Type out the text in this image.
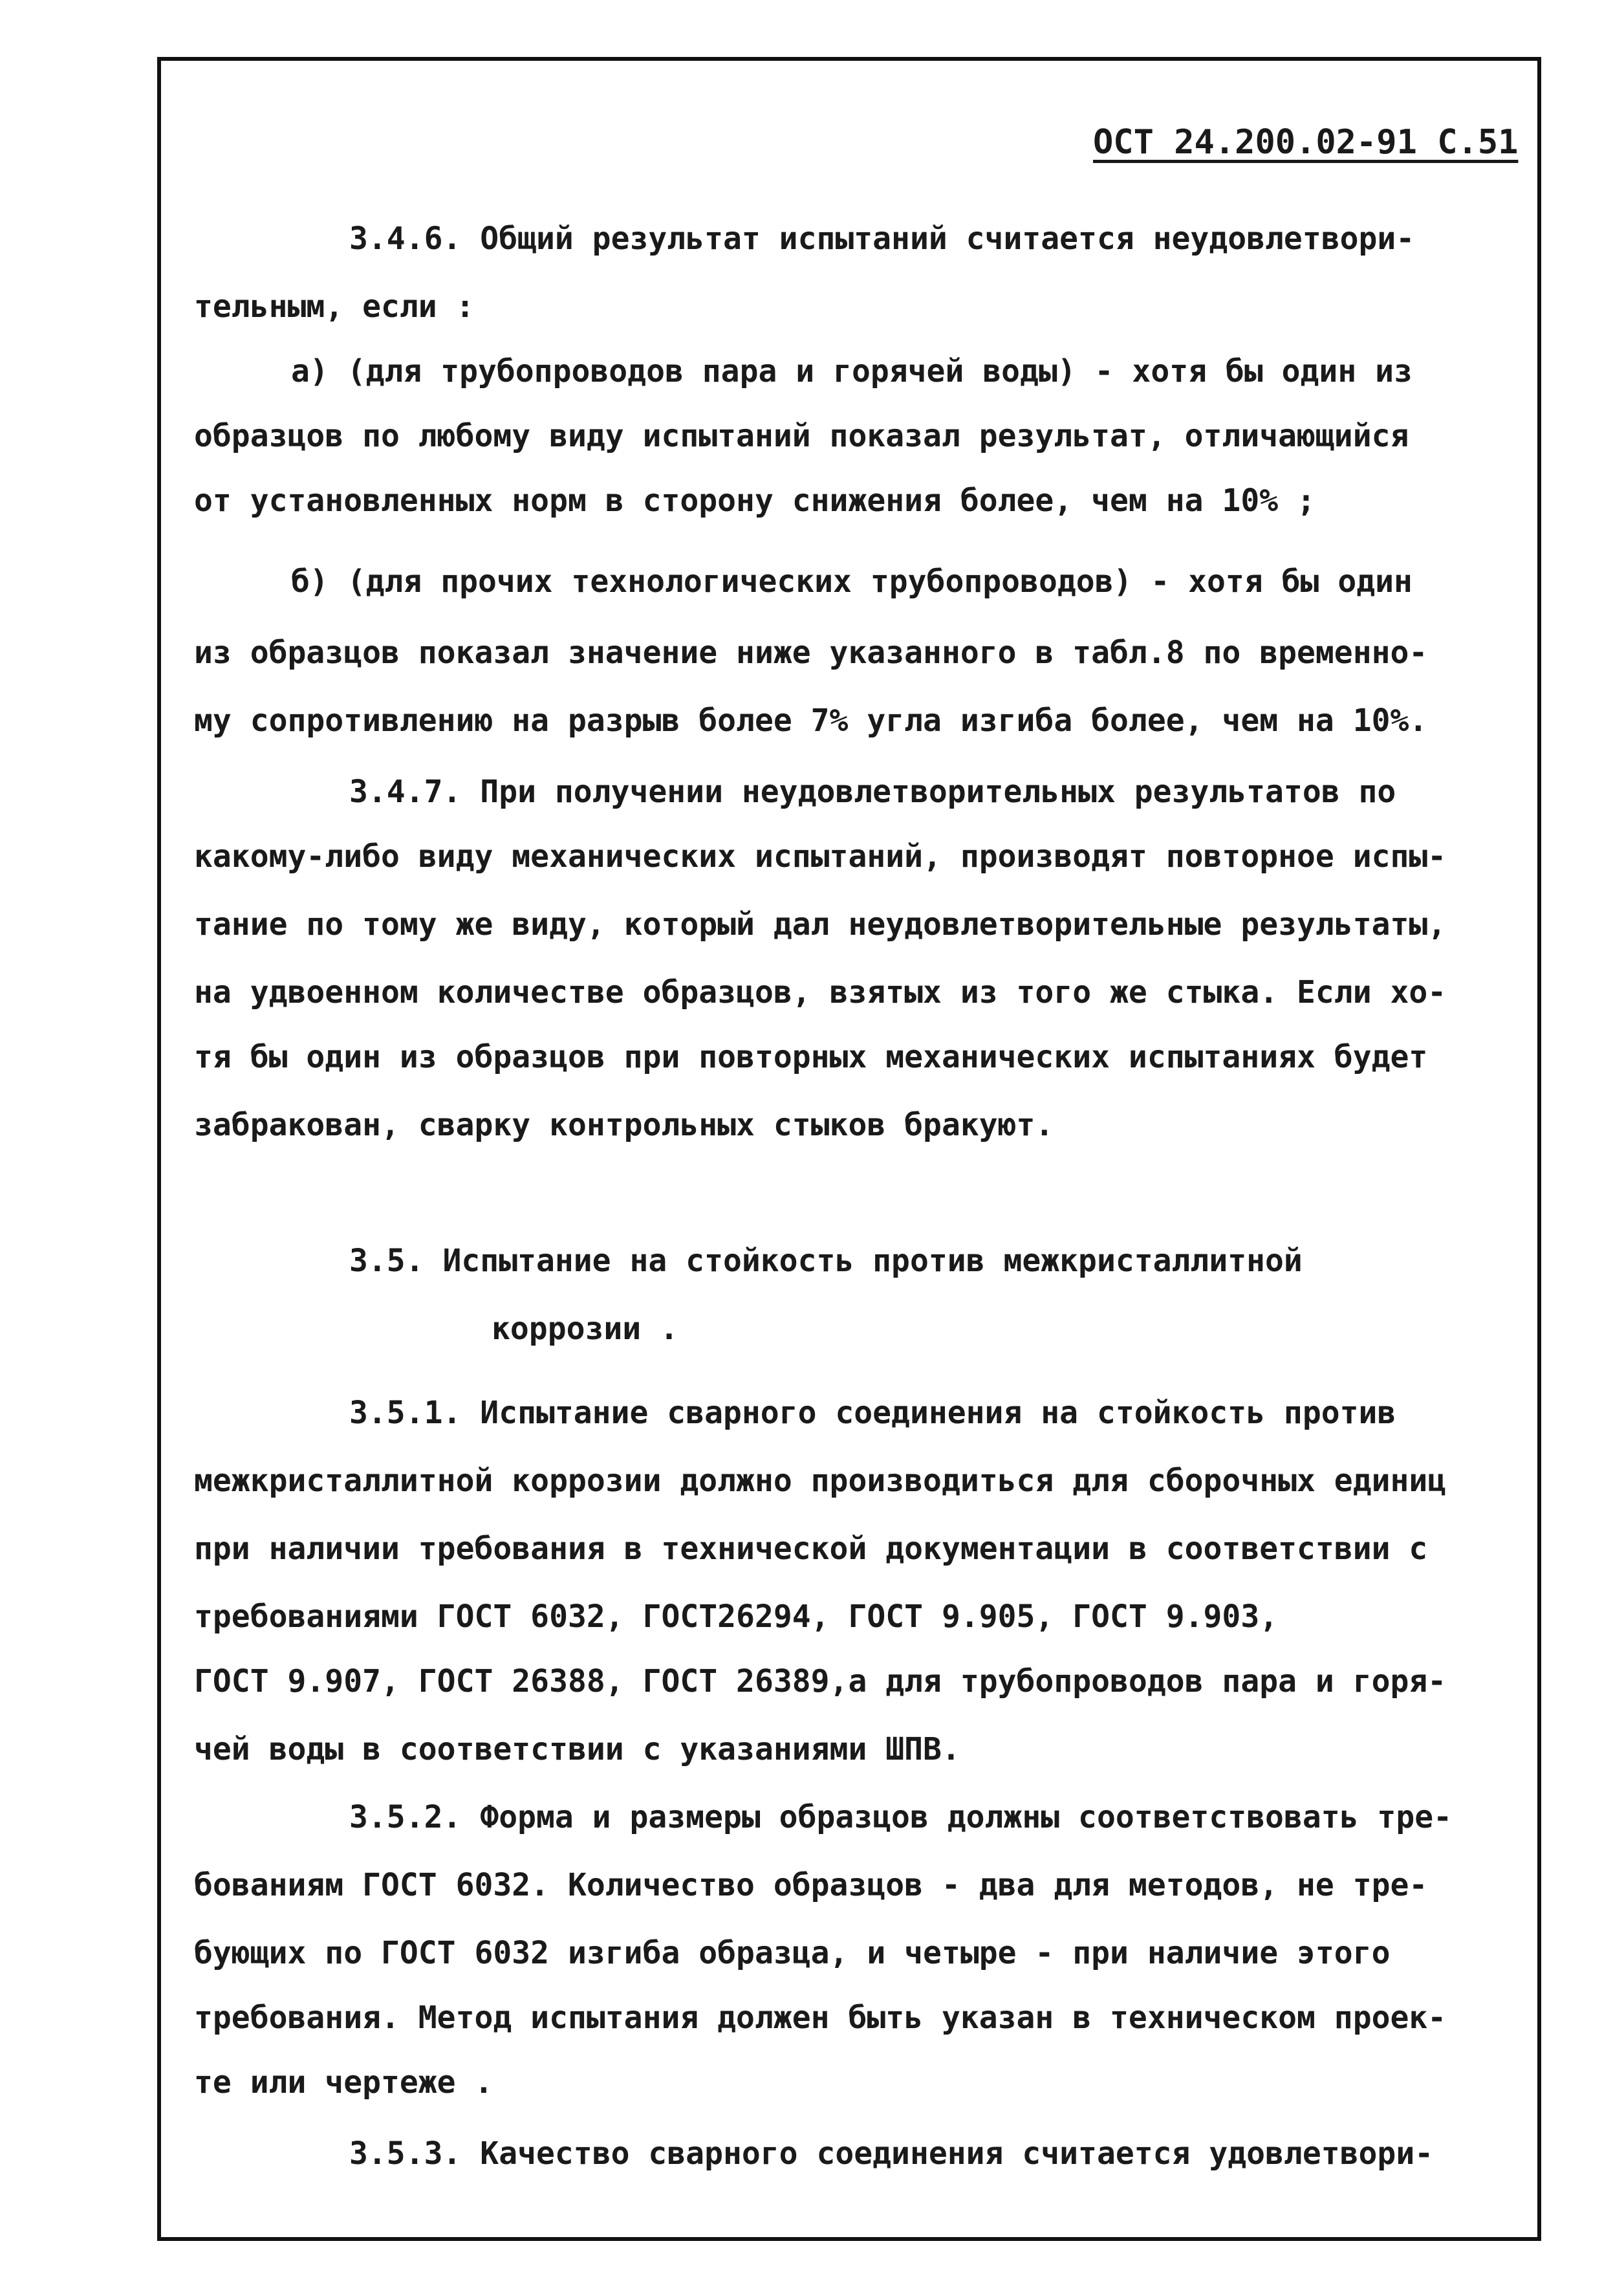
ОСТ 24.200.02-91 С.51
3.4.6. Общий результат испытаний считается неудовлетвори-
тельным, если :
а) (для трубопроводов пара и горячей воды) - хотя бы один из
образцов по любому виду испытаний показал результат, отличающийся
от установленных норм в сторону снижения более, чем на 10% ;
б) (для прочих технологических трубопроводов) - хотя бы один
из образцов показал значение ниже указанного в табл.8 по временно-
му сопротивлению на разрыв более 7% угла изгиба более, чем на 10%.
3.4.7. При получении неудовлетворительных результатов по
какому-либо виду механических испытаний, производят повторное испы-
тание по тому же виду, который дал неудовлетворительные результаты,
на удвоенном количестве образцов, взятых из того же стыка. Если хо-
тя бы один из образцов при повторных механических испытаниях будет
забракован, сварку контрольных стыков бракуют.
3.5. Испытание на стойкость против межкристаллитной
коррозии .
3.5.1. Испытание сварного соединения на стойкость против
межкристаллитной коррозии должно производиться для сборочных единиц
при наличии требования в технической документации в соответствии с
требованиями ГОСТ 6032, ГОСТ26294, ГОСТ 9.905, ГОСТ 9.903,
ГОСТ 9.907, ГОСТ 26388, ГОСТ 26389,а для трубопроводов пара и горя-
чей воды в соответствии с указаниями ШПВ.
3.5.2. Форма и размеры образцов должны соответствовать тре-
бованиям ГОСТ 6032. Количество образцов - два для методов, не тре-
бующих по ГОСТ 6032 изгиба образца, и четыре - при наличие этого
требования. Метод испытания должен быть указан в техническом проек-
те или чертеже .
3.5.3. Качество сварного соединения считается удовлетвори-
